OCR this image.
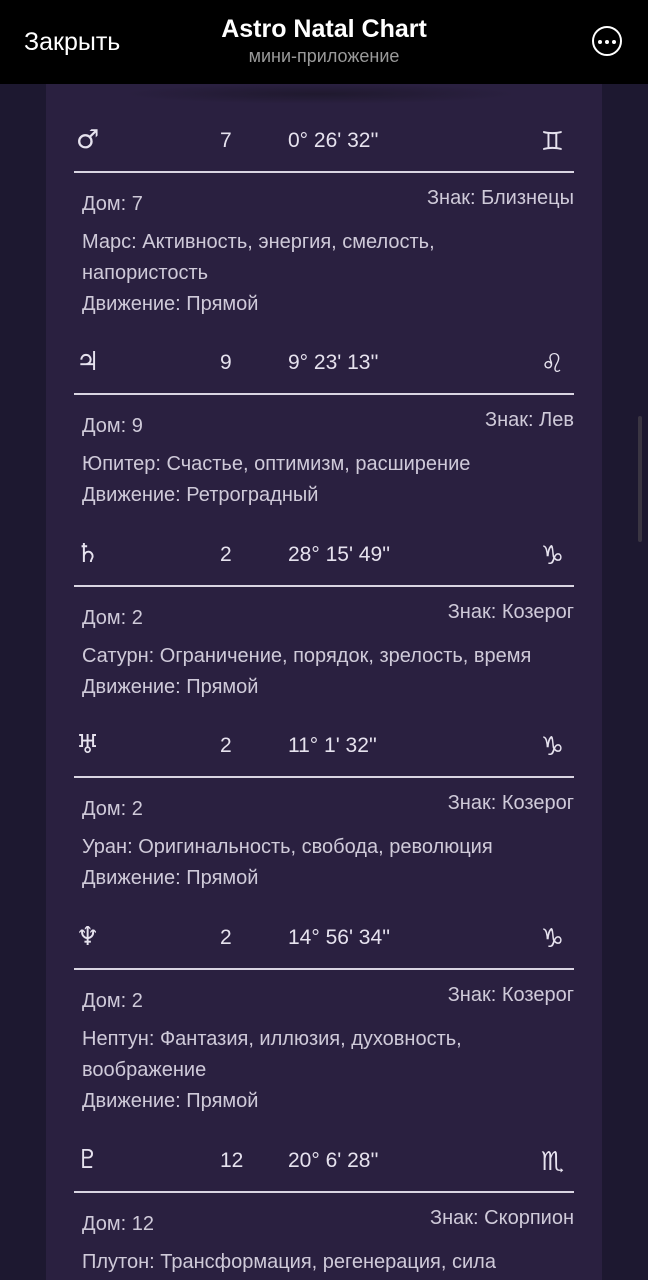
Закрыть	Astro Natal Chart
мини-приложение
♂	7	0° 26' 32''	♊
Знак: Близнецы
Дом: 7
Марс: Активность, энергия, смелость, напористость
Движение: Прямой
♃	9	9° 23' 13''	♌
Знак: Лев
Дом: 9
Юпитер: Счастье, оптимизм, расширение
Движение: Ретроградный
♄	2	28° 15' 49''	♑
Знак: Козерог
Дом: 2
Сатурн: Ограничение, порядок, зрелость, время
Движение: Прямой
♅	2	11° 1' 32''	♑
Знак: Козерог
Дом: 2
Уран: Оригинальность, свобода, революция
Движение: Прямой
♆	2	14° 56' 34''	♑
Знак: Козерог
Дом: 2
Нептун: Фантазия, иллюзия, духовность, воображение
Движение: Прямой
♇	12 20° 6' 28''	♏
Знак: Скорпион
Дом: 12
Плутон: Трансформация, регенерация, сила
